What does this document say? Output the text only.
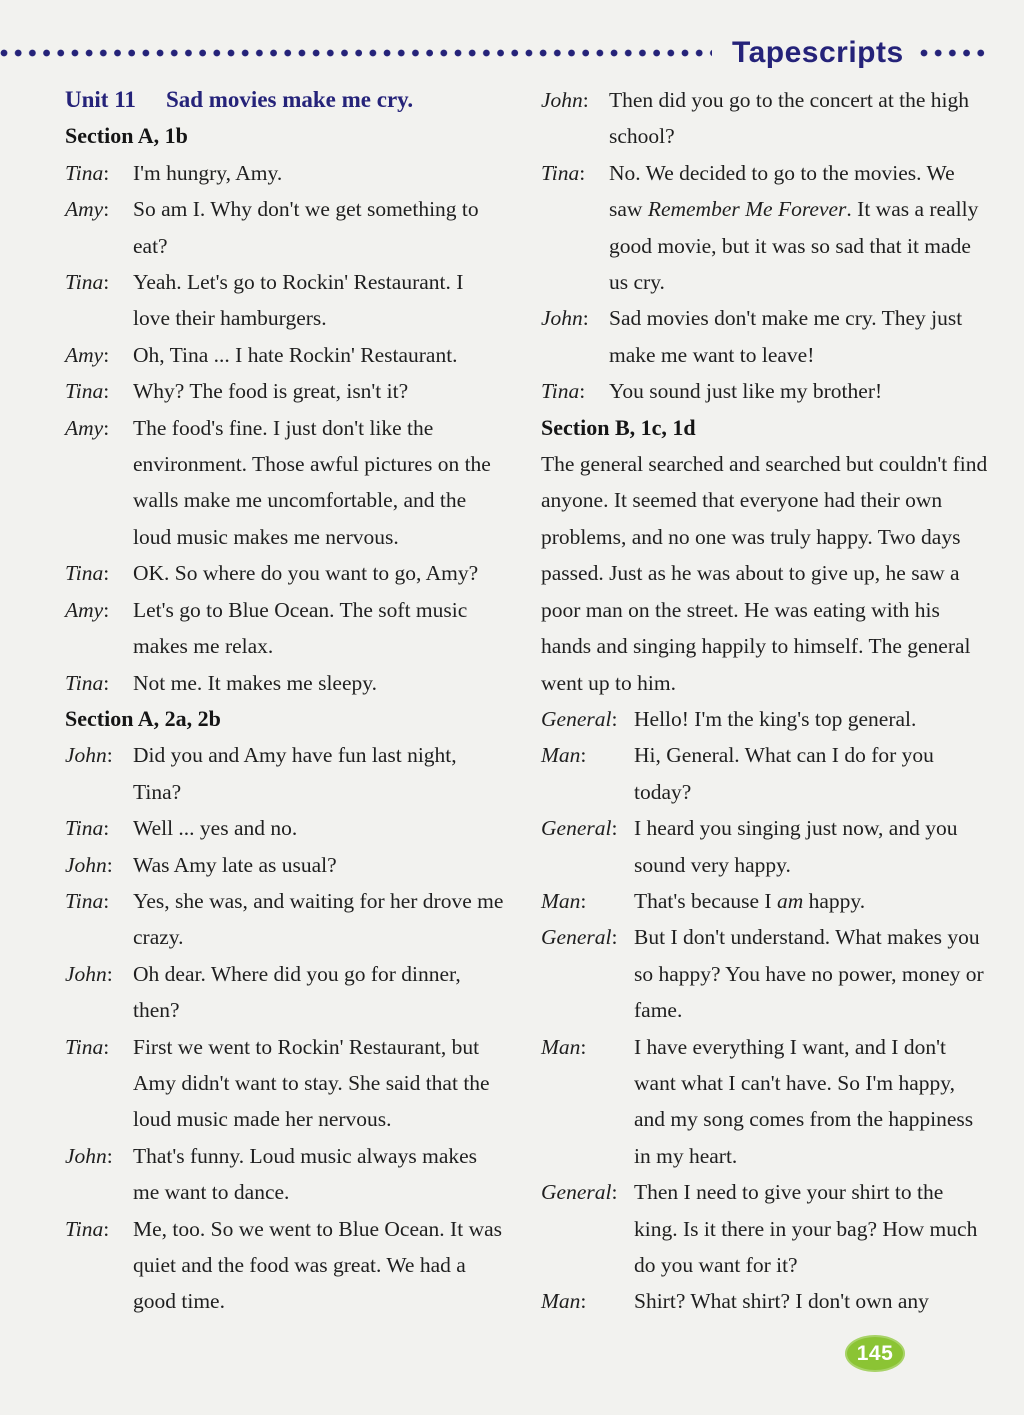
Tapescripts
Unit 11 Sad movies make me cry.
Section A, 1b
Tina :	I'm hungry, Amy.
Amy :	So am I. Why don't we get something to eat?
Tina :	Yeah. Let's go to Rockin' Restaurant. I love their hamburgers.
Amy :	Oh, Tina ... I hate Rockin' Restaurant.
Tina :	Why? The food is great, isn't it?
Amy :	The food's fine. I just don't like the environment. Those awful pictures on the walls make me uncomfortable, and the loud music makes me nervous.
Tina :	OK. So where do you want to go, Amy?
Amy :	Let's go to Blue Ocean. The soft music makes me relax.
Tina :	Not me. It makes me sleepy.
Section A, 2a, 2b
John :	Did you and Amy have fun last night, Tina?
Tina :	Well ... yes and no.
John :	Was Amy late as usual?
Tina :	Yes, she was, and waiting for her drove me crazy.
John :	Oh dear. Where did you go for dinner, then?
Tina :	First we went to Rockin' Restaurant, but Amy didn't want to stay. She said that the loud music made her nervous.
John :	That's funny. Loud music always makes me want to dance.
Tina :	Me, too. So we went to Blue Ocean. It was quiet and the food was great. We had a good time.
John :	Then did you go to the concert at the high school?
Tina :	No. We decided to go to the movies. We saw Remember Me Forever. It was a really good movie, but it was so sad that it made us cry.
John :	Sad movies don't make me cry. They just make me want to leave!
Tina :	You sound just like my brother!
Section B, 1c, 1d

The general searched and searched but couldn't find anyone. It seemed that everyone had their own problems, and no one was truly happy. Two days passed. Just as he was about to give up, he saw a poor man on the street. He was eating with his hands and singing happily to himself. The general went up to him.

General :	Hello! I'm the king's top general.
Man :	Hi, General. What can I do for you today?
General :	I heard you singing just now, and you sound very happy.
Man :	That's because I am happy.
General :	But I don't understand. What makes you so happy? You have no power, money or fame.
Man :	I have everything I want, and I don't want what I can't have. So I'm happy, and my song comes from the happiness in my heart.
General :	Then I need to give your shirt to the king. Is it there in your bag? How much do you want for it?
Man :	Shirt? What shirt? I don't own any
145
